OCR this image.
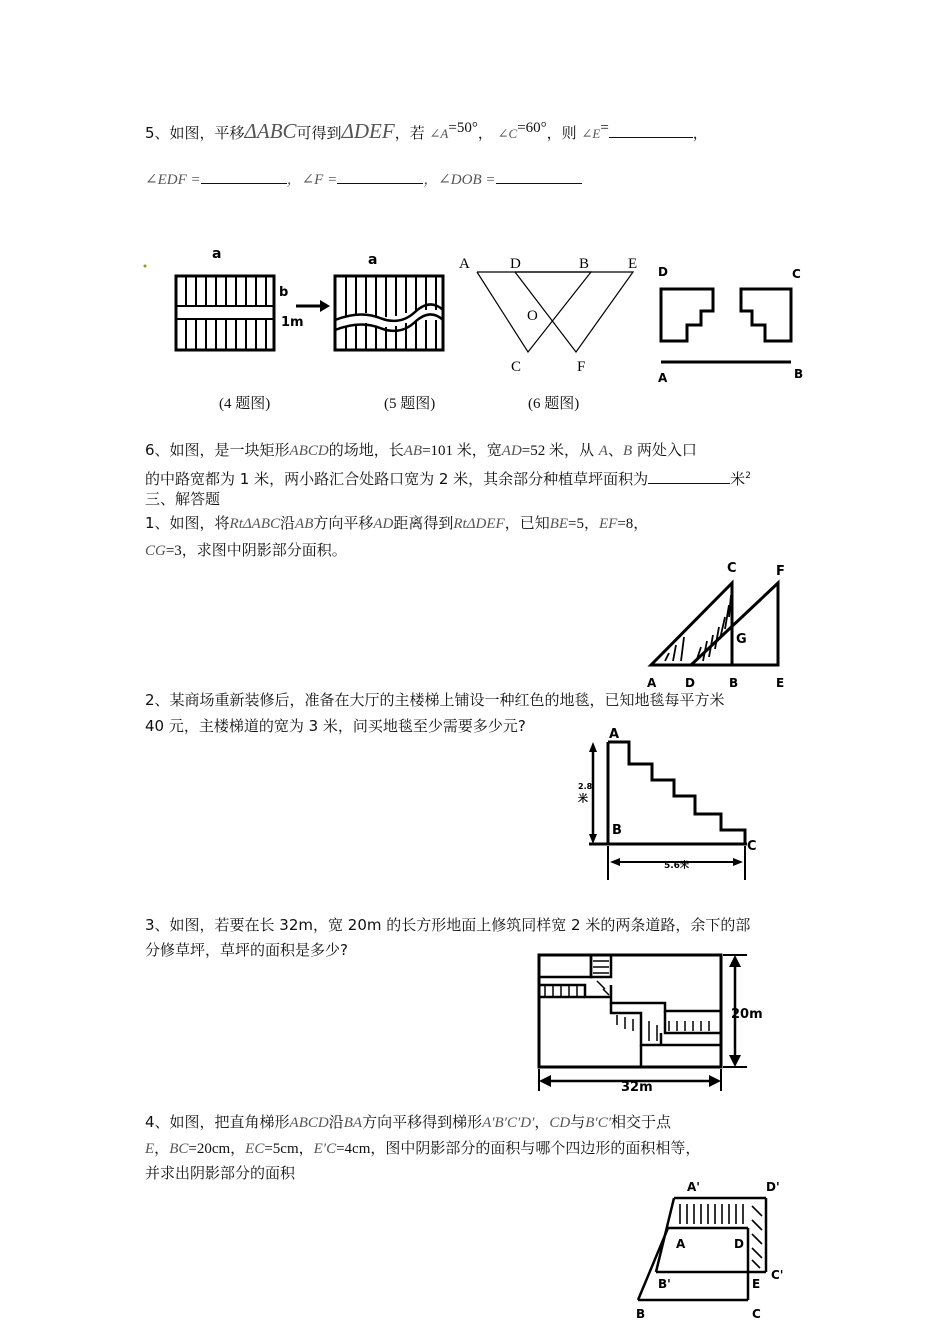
5、如图，平移ΔABC可得到ΔDEF，若 ∠A=50°， ∠C=60°，则 ∠E=	，
∠EDF =	，∠F =	，∠DOB =
a
b
1m
a	A	D	B	E
O
C	F
D	C
A	B
(4 题图)	(5 题图)	(6 题图)
6、如图，是一块矩形ABCD的场地，长AB=101 米，宽AD=52 米，从 A、B 两处入口
的中路宽都为 1 米，两小路汇合处路口宽为 2 米，其余部分种植草坪面积为	米$^2$
三、解答题
1、如图，将RtΔABC沿AB方向平移AD距离得到RtΔDEF，已知BE=5，EF=8，
CG=3，求图中阴影部分面积。
C	F
G
A D	B	E
2、某商场重新装修后，准备在大厅的主楼梯上铺设一种红色的地毯，已知地毯每平方米
40 元，主楼梯道的宽为 3 米，问买地毯至少需要多少元?	A
B
C
2.8
米
5.6米
3、如图，若要在长 32m，宽 20m 的长方形地面上修筑同样宽 2 米的两条道路，余下的部
分修草坪，草坪的面积是多少?
20m
32m
4、如图，把直角梯形ABCD沿BA方向平移得到梯形A′B′C′D′，CD与B′C′相交于点
E，BC=20cm，EC=5cm，E′C=4cm，图中阴影部分的面积与哪个四边形的面积相等，
并求出阴影部分的面积
A'	D'
A	D
C'
B'	E
B	C
